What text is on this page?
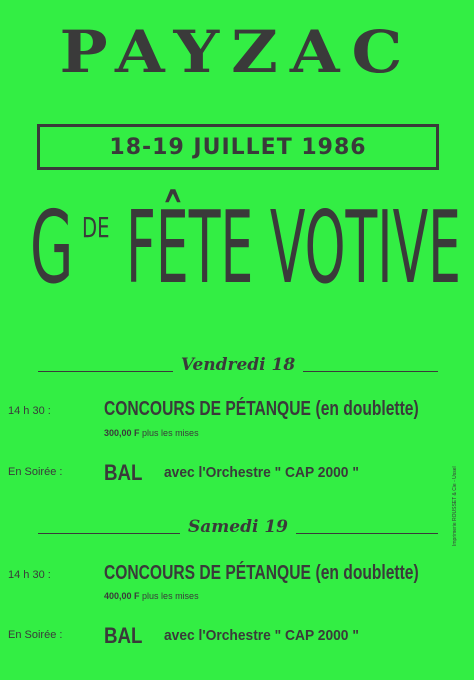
PAYZAC
18-19 JUILLET 1986
G DE FÊTE VOTIVE
Vendredi 18
14 h 30 :	CONCOURS DE PÉTANQUE (en doublette)
300,00 F plus les mises
En Soirée : BAL avec l'Orchestre " CAP 2000 "
Samedi 19
14 h 30 :	CONCOURS DE PÉTANQUE (en doublette)
400,00 F plus les mises
En Soirée : BAL avec l'Orchestre " CAP 2000 "
Imprimerie ROUSSET & Cie - Ussel
